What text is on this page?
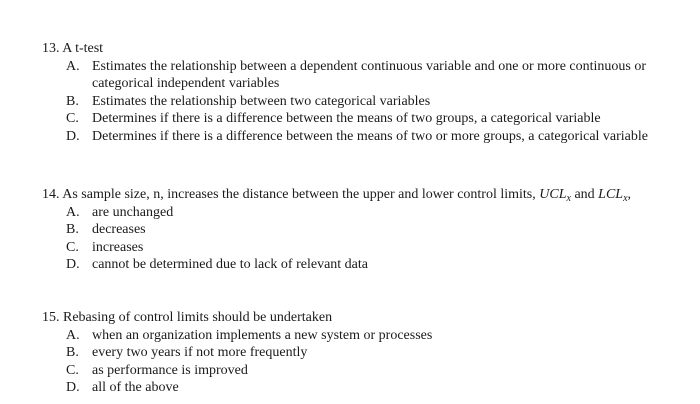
13. A t-test

A. Estimates the relationship between a dependent continuous variable and one or more continuous or categorical independent variables
B. Estimates the relationship between two categorical variables
C. Determines if there is a difference between the means of two groups, a categorical variable
D. Determines if there is a difference between the means of two or more groups, a categorical variable

14. As sample size, n, increases the distance between the upper and lower control limits, $UCL_x$ and $LCL_x$,

A. are unchanged
B. decreases
C. increases
D. cannot be determined due to lack of relevant data

15. Rebasing of control limits should be undertaken

A. when an organization implements a new system or processes
B. every two years if not more frequently
C. as performance is improved
D. all of the above
